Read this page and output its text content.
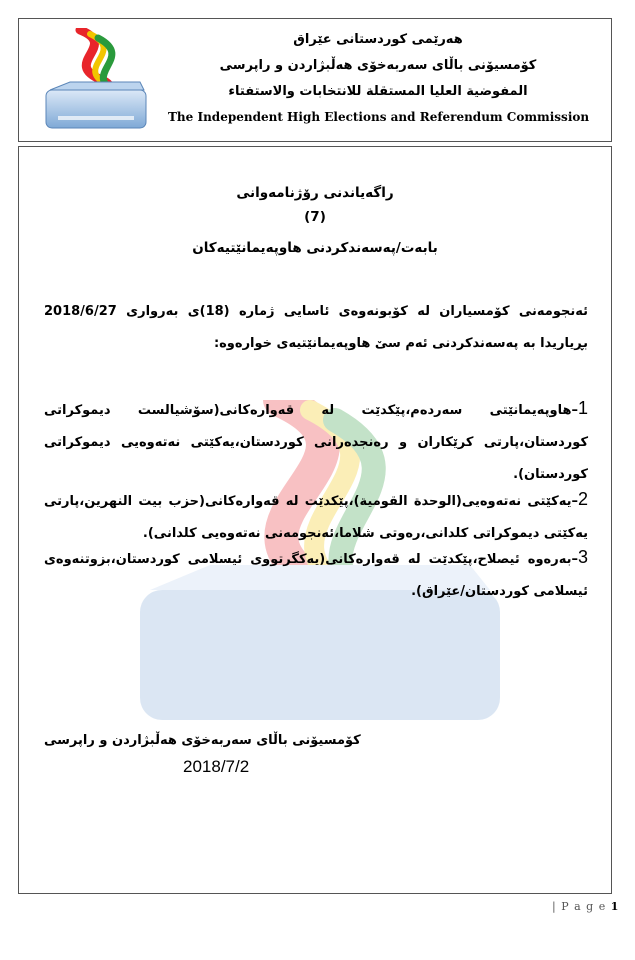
هەرێمی کوردستانی عێراق
کۆمسیۆنی باڵای سەربەخۆی هەڵبژاردن و راپرسی
المفوضية العليا المستقلة للانتخابات والاستفتاء
The Independent High Elections and Referendum Commission
راگەیاندنی رۆژنامەوانی
(7)
بابەت/پەسەندکردنی هاوپەیمانێتیەکان
ئەنجومەنی کۆمسیاران لە کۆبونەوەی ئاسایی ژمارە (18)ی بەرواری 2018/6/27 بڕیاریدا بە پەسەندکردنی ئەم سێ هاوپەیمانێتیەی خوارەوە:
1–هاوپەیمانێتی سەردەم،پێکدێت لە قەوارەکانی(سۆشیالست دیموکراتی کوردستان،پارتی کرێکاران و رەنجدەرانی کوردستان،یەکێتی نەتەوەیی دیموکراتی کوردستان).
2–یەکێتی نەتەوەیی(الوحدة القومیة)،پێکدێت لە قەوارەکانی(حزب بیت النهرین،پارتی یەکێتی دیموکراتی کلدانی،رەوتی شلاما،ئەنجومەنی نەتەوەیی کلدانی).
3–بەرەوە ئیصلاح،پێکدێت لە قەوارەکانی(یەکگرتووی ئیسلامی کوردستان،بزوتنەوەی ئیسلامی کوردستان/عێراق).
کۆمسیۆنی باڵای سەربەخۆی هەڵبژاردن و راپرسی
2018/7/2
| P a g e 1
